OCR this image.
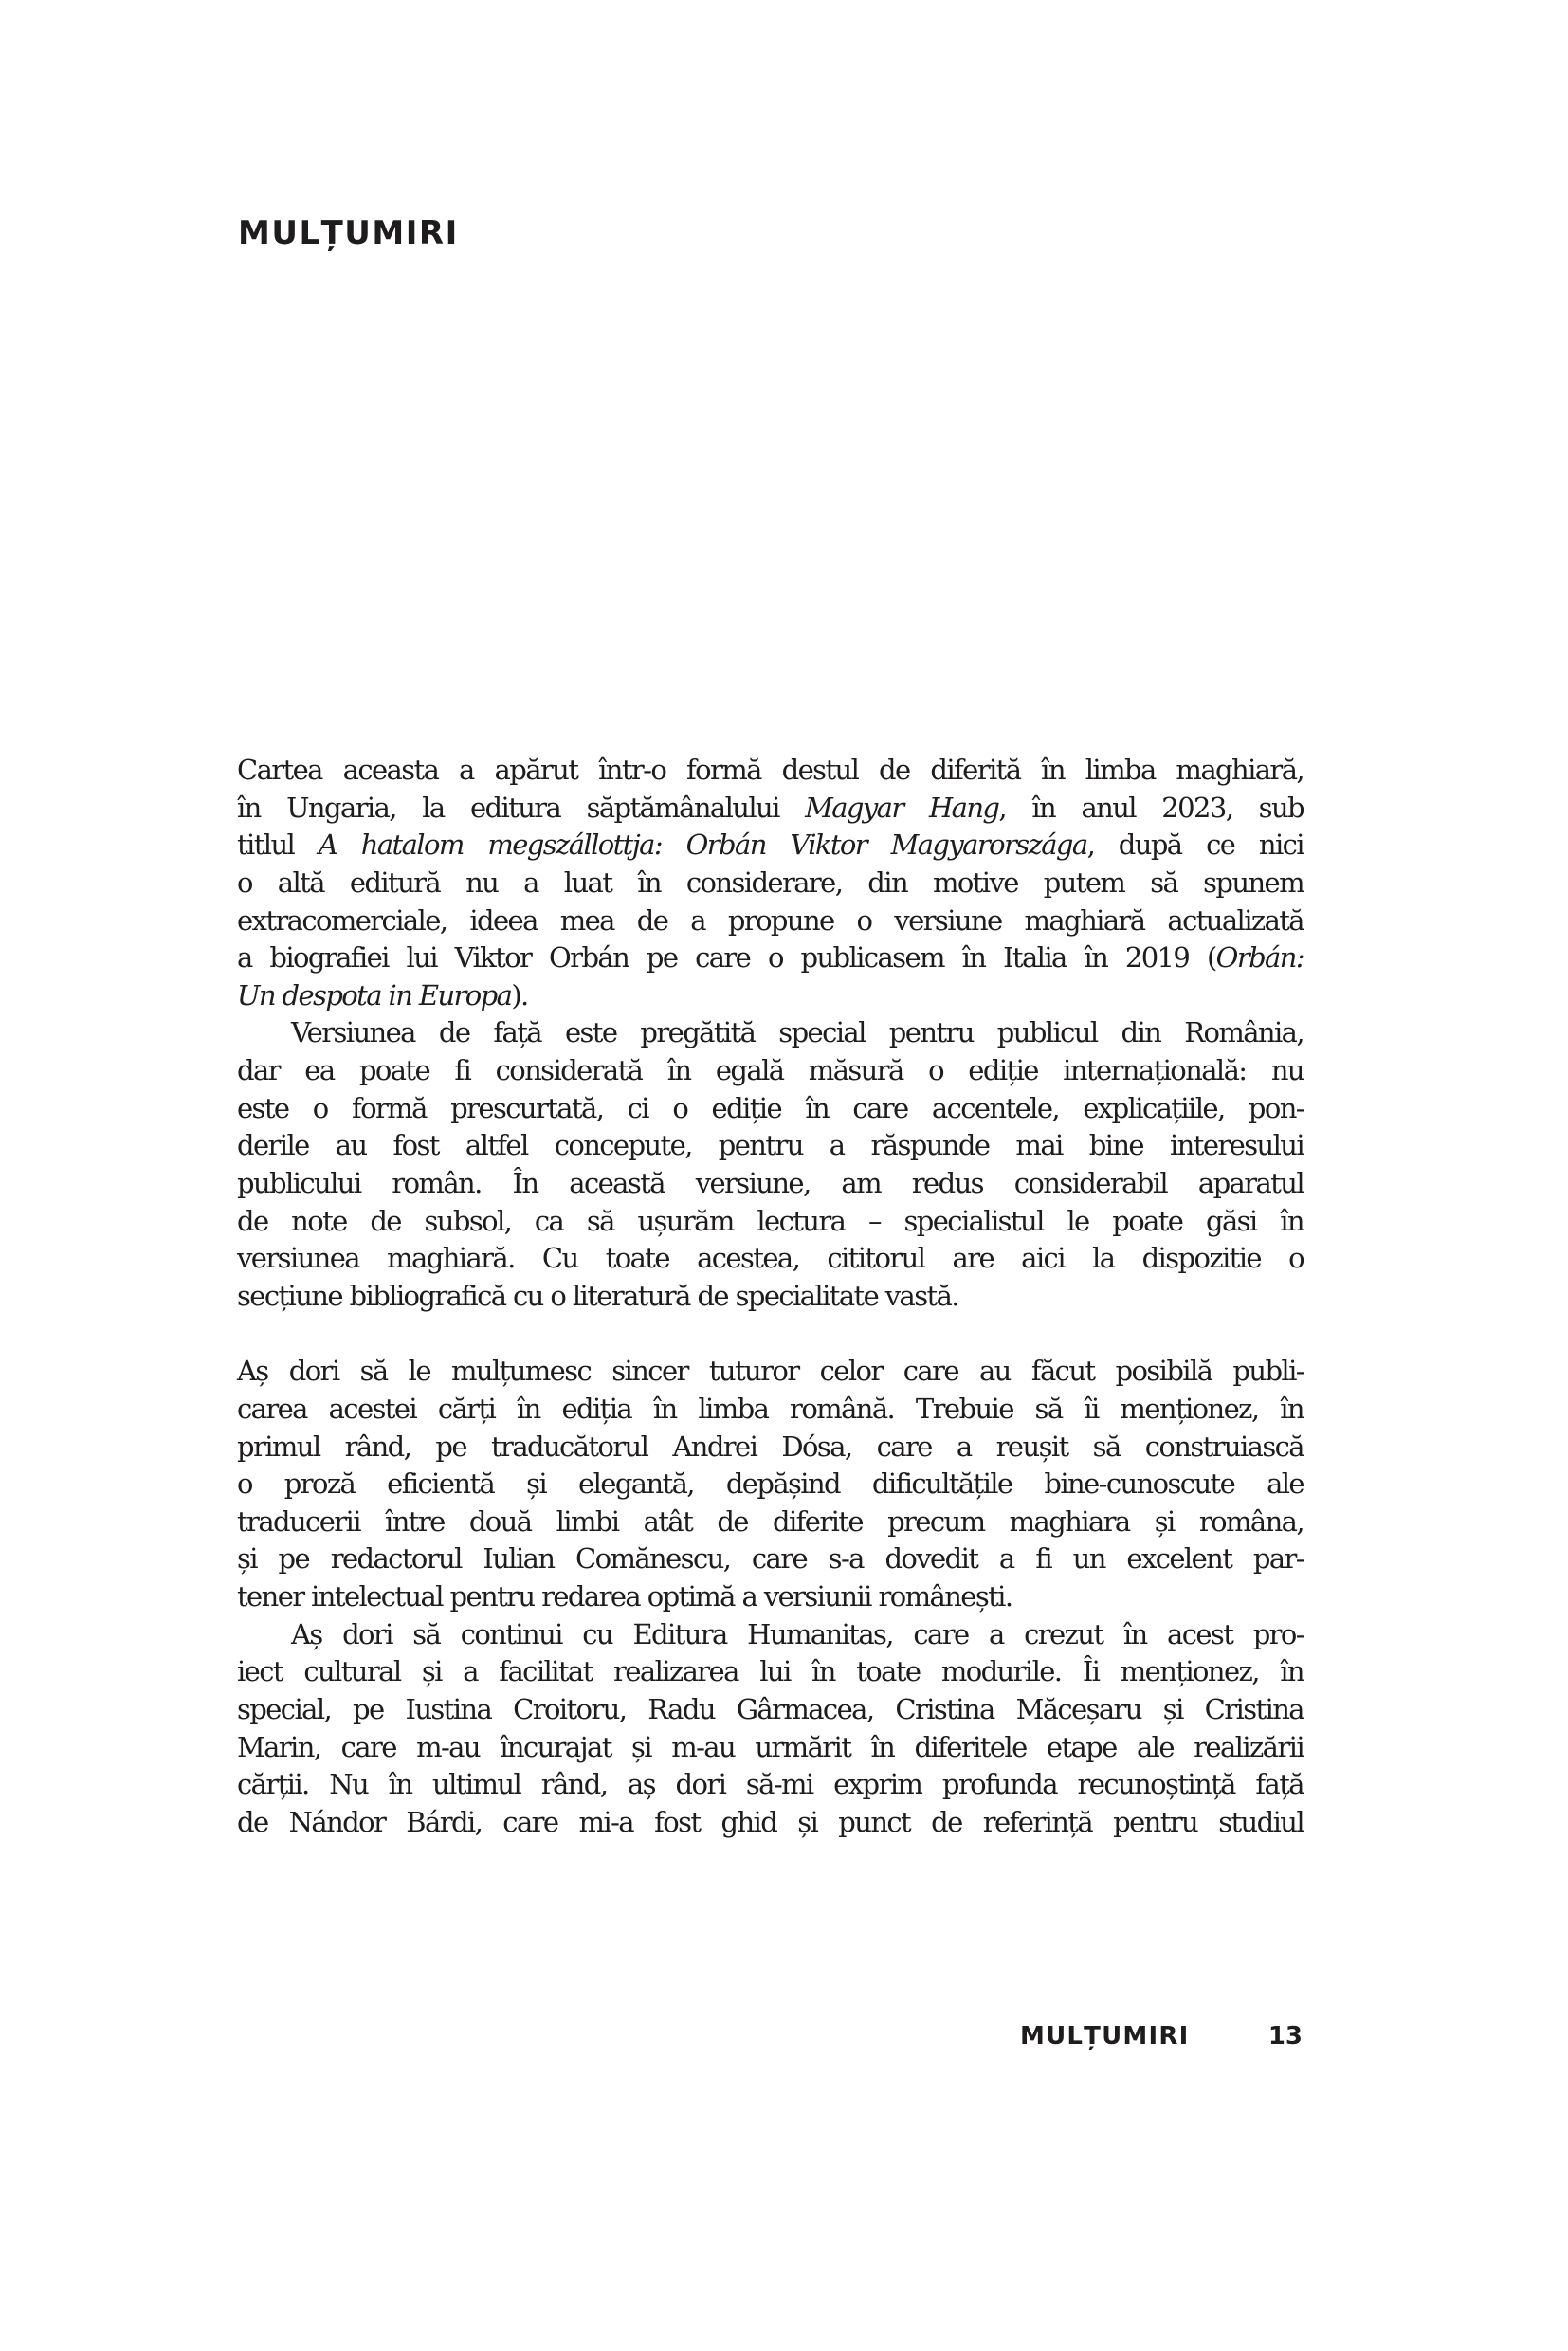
MULȚUMIRI
Cartea aceasta a apărut într-o formă destul de diferită în limba maghiară,
în Ungaria, la editura săptămânalului Magyar Hang, în anul 2023, sub
titlul A hatalom megszállottja: Orbán Viktor Magyarországa, după ce nici
o altă editură nu a luat în considerare, din motive putem să spunem
extracomerciale, ideea mea de a propune o versiune maghiară actualizată
a biografiei lui Viktor Orbán pe care o publicasem în Italia în 2019 (Orbán:
Un despota in Europa).
Versiunea de față este pregătită special pentru publicul din România,
dar ea poate fi considerată în egală măsură o ediție internațională: nu
este o formă prescurtată, ci o ediție în care accentele, explicațiile, pon-
derile au fost altfel concepute, pentru a răspunde mai bine interesului
publicului român. În această versiune, am redus considerabil aparatul
de note de subsol, ca să ușurăm lectura – specialistul le poate găsi în
versiunea maghiară. Cu toate acestea, cititorul are aici la dispozitie o
secțiune bibliografică cu o literatură de specialitate vastă.
Aș dori să le mulțumesc sincer tuturor celor care au făcut posibilă publi-
carea acestei cărți în ediția în limba română. Trebuie să îi menționez, în
primul rând, pe traducătorul Andrei Dósa, care a reușit să construiască
o proză eficientă și elegantă, depășind dificultățile bine-cunoscute ale
traducerii între două limbi atât de diferite precum maghiara și româna,
și pe redactorul Iulian Comănescu, care s-a dovedit a fi un excelent par-
tener intelectual pentru redarea optimă a versiunii românești.
Aș dori să continui cu Editura Humanitas, care a crezut în acest pro-
iect cultural și a facilitat realizarea lui în toate modurile. Îi menționez, în
special, pe Iustina Croitoru, Radu Gârmacea, Cristina Măceșaru și Cristina
Marin, care m-au încurajat și m-au urmărit în diferitele etape ale realizării
cărții. Nu în ultimul rând, aș dori să-mi exprim profunda recunoștință față
de Nándor Bárdi, care mi-a fost ghid și punct de referință pentru studiul
MULȚUMIRI	13
